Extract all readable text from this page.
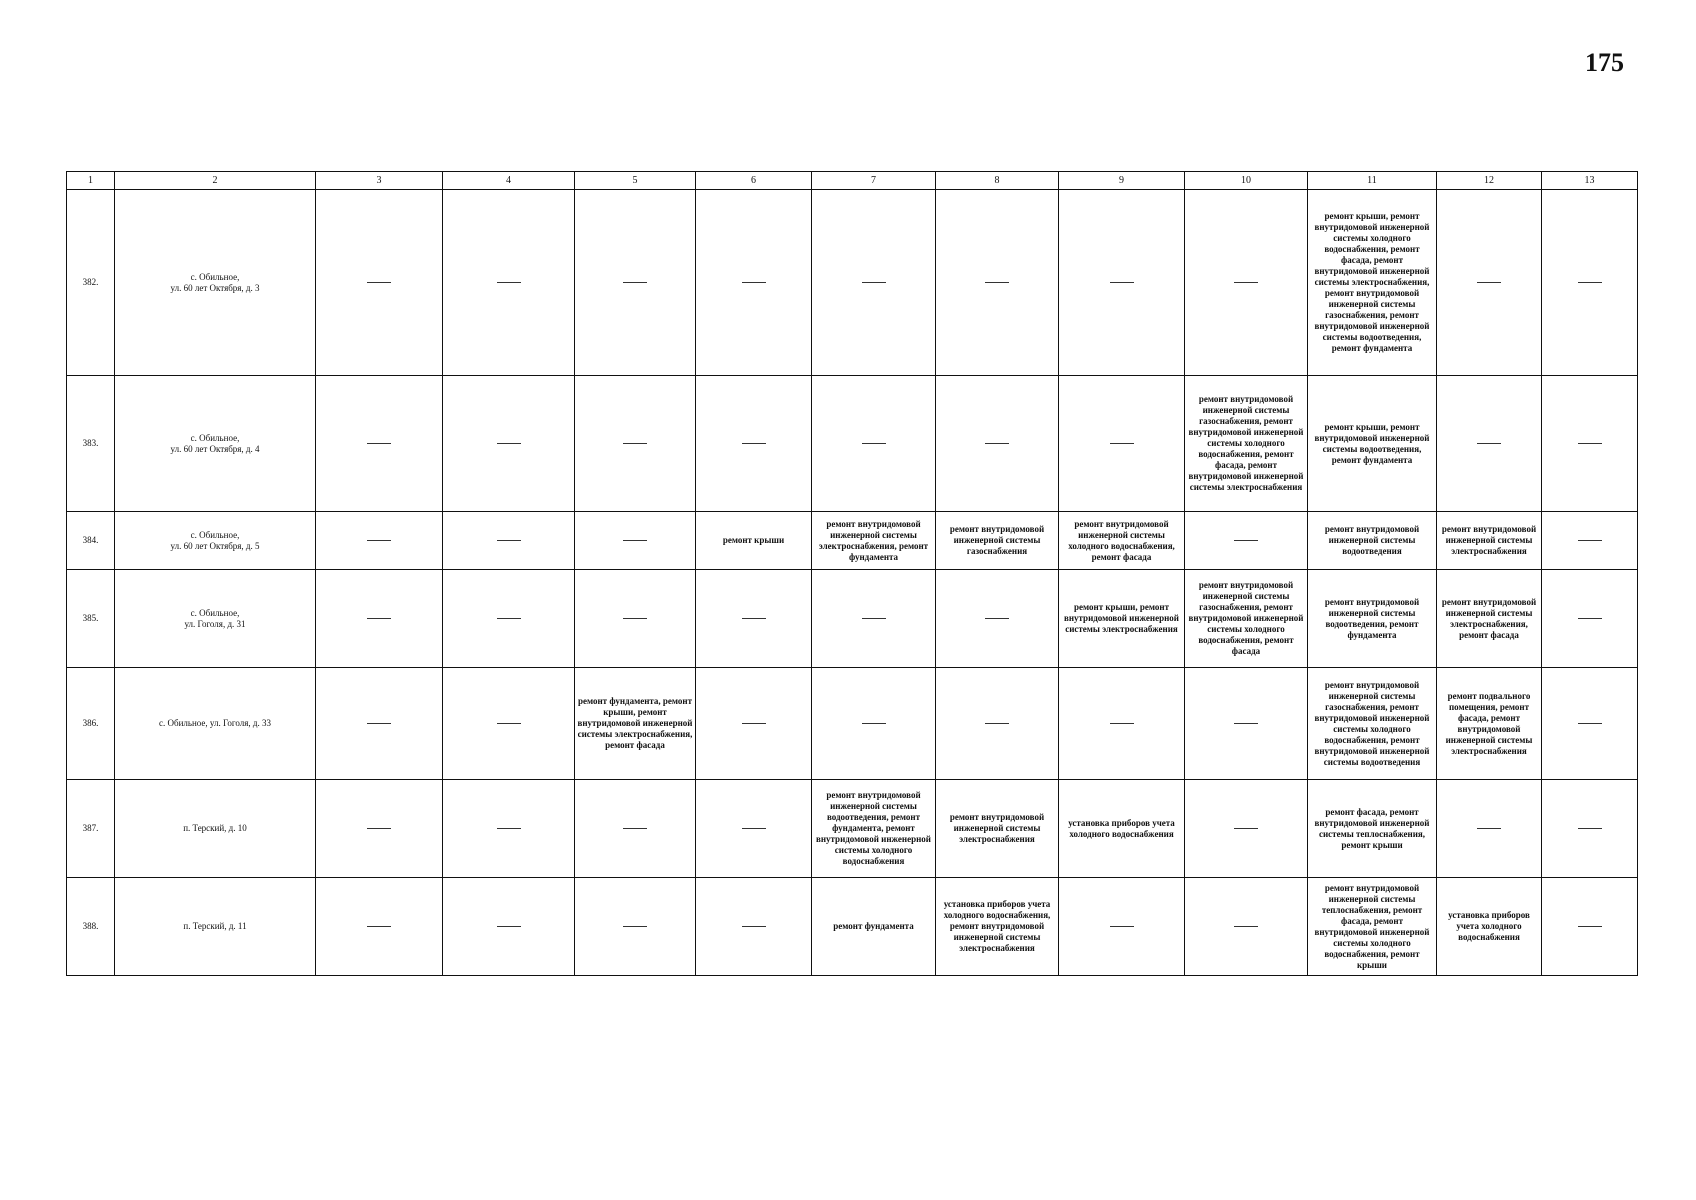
175
1	2	3	4	5	6	7	8	9	10	11	12	13
382.	с. Обильное,
ул. 60 лет Октября, д. 3									ремонт крыши, ремонт внутридомовой инженерной системы холодного водоснабжения, ремонт фасада, ремонт внутридомовой инженерной системы электроснабжения, ремонт внутридомовой инженерной системы газоснабжения, ремонт внутридомовой инженерной системы водоотведения, ремонт фундамента		
383.	с. Обильное,
ул. 60 лет Октября, д. 4								ремонт внутридомовой инженерной системы газоснабжения, ремонт внутридомовой инженерной системы холодного водоснабжения, ремонт фасада, ремонт внутридомовой инженерной системы электроснабжения	ремонт крыши, ремонт внутридомовой инженерной системы водоотведения, ремонт фундамента		
384.	с. Обильное,
ул. 60 лет Октября, д. 5				ремонт крыши	ремонт внутридомовой инженерной системы электроснабжения, ремонт фундамента	ремонт внутридомовой инженерной системы газоснабжения	ремонт внутридомовой инженерной системы холодного водоснабжения, ремонт фасада		ремонт внутридомовой инженерной системы водоотведения	ремонт внутридомовой инженерной системы электроснабжения	
385.	с. Обильное,
ул. Гоголя, д. 31							ремонт крыши, ремонт внутридомовой инженерной системы электроснабжения	ремонт внутридомовой инженерной системы газоснабжения, ремонт внутридомовой инженерной системы холодного водоснабжения, ремонт фасада	ремонт внутридомовой инженерной системы водоотведения, ремонт фундамента	ремонт внутридомовой инженерной системы электроснабжения, ремонт фасада	
386.	с. Обильное, ул. Гоголя, д. 33			ремонт фундамента, ремонт крыши, ремонт внутридомовой инженерной системы электроснабжения, ремонт фасада						ремонт внутридомовой инженерной системы газоснабжения, ремонт внутридомовой инженерной системы холодного водоснабжения, ремонт внутридомовой инженерной системы водоотведения	ремонт подвального помещения, ремонт фасада, ремонт внутридомовой инженерной системы электроснабжения	
387.	п. Терский, д. 10					ремонт внутридомовой инженерной системы водоотведения, ремонт фундамента, ремонт внутридомовой инженерной системы холодного водоснабжения	ремонт внутридомовой инженерной системы электроснабжения	установка приборов учета холодного водоснабжения		ремонт фасада, ремонт внутридомовой инженерной системы теплоснабжения, ремонт крыши		
388.	п. Терский, д. 11					ремонт фундамента	установка приборов учета холодного водоснабжения, ремонт внутридомовой инженерной системы электроснабжения			ремонт внутридомовой инженерной системы теплоснабжения, ремонт фасада, ремонт внутридомовой инженерной системы холодного водоснабжения, ремонт крыши	установка приборов учета холодного водоснабжения	
